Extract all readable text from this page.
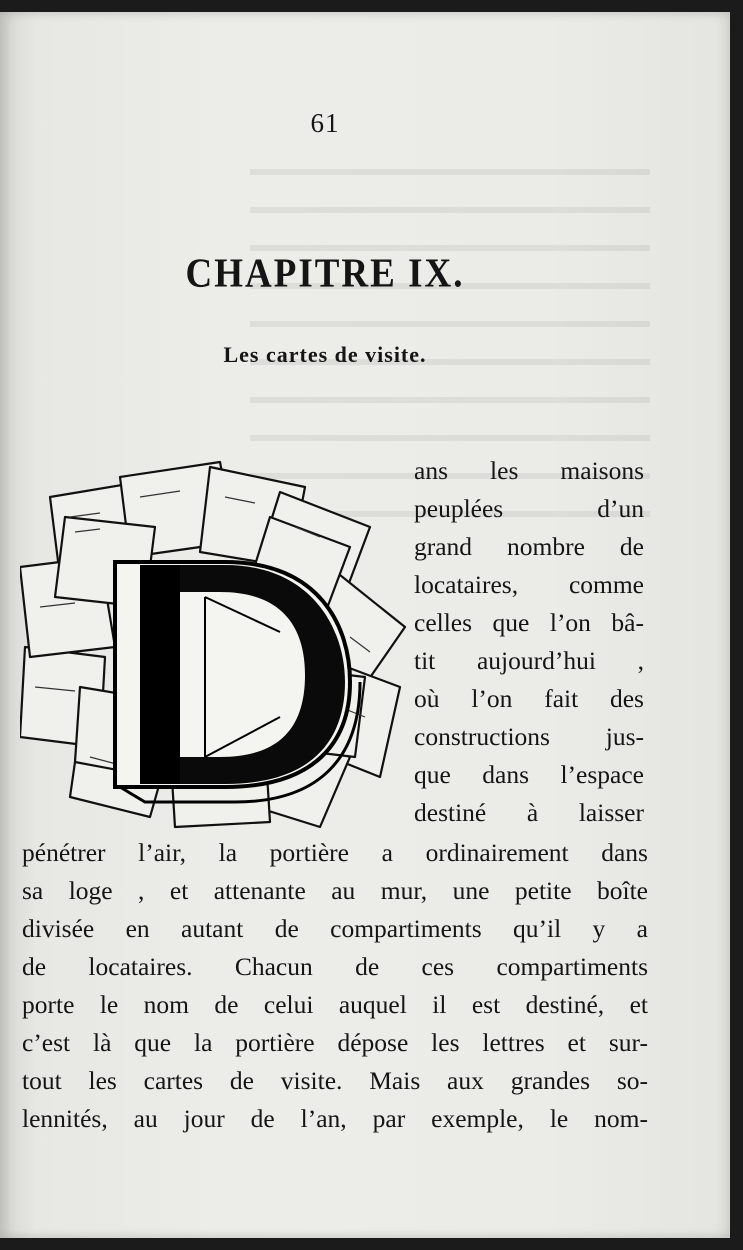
61
CHAPITRE IX.
Les cartes de visite.
ans les maisons
peuplées d’un
grand nombre de
locataires, comme
celles que l’on bâ-
tit aujourd’hui ,
où l’on fait des
constructions jus-
que dans l’espace
destiné à laisser
pénétrer l’air, la portière a ordinairement dans
sa loge , et attenante au mur, une petite boîte
divisée en autant de compartiments qu’il y a
de locataires. Chacun de ces compartiments
porte le nom de celui auquel il est destiné, et
c’est là que la portière dépose les lettres et sur-
tout les cartes de visite. Mais aux grandes so-
lennités, au jour de l’an, par exemple, le nom-
